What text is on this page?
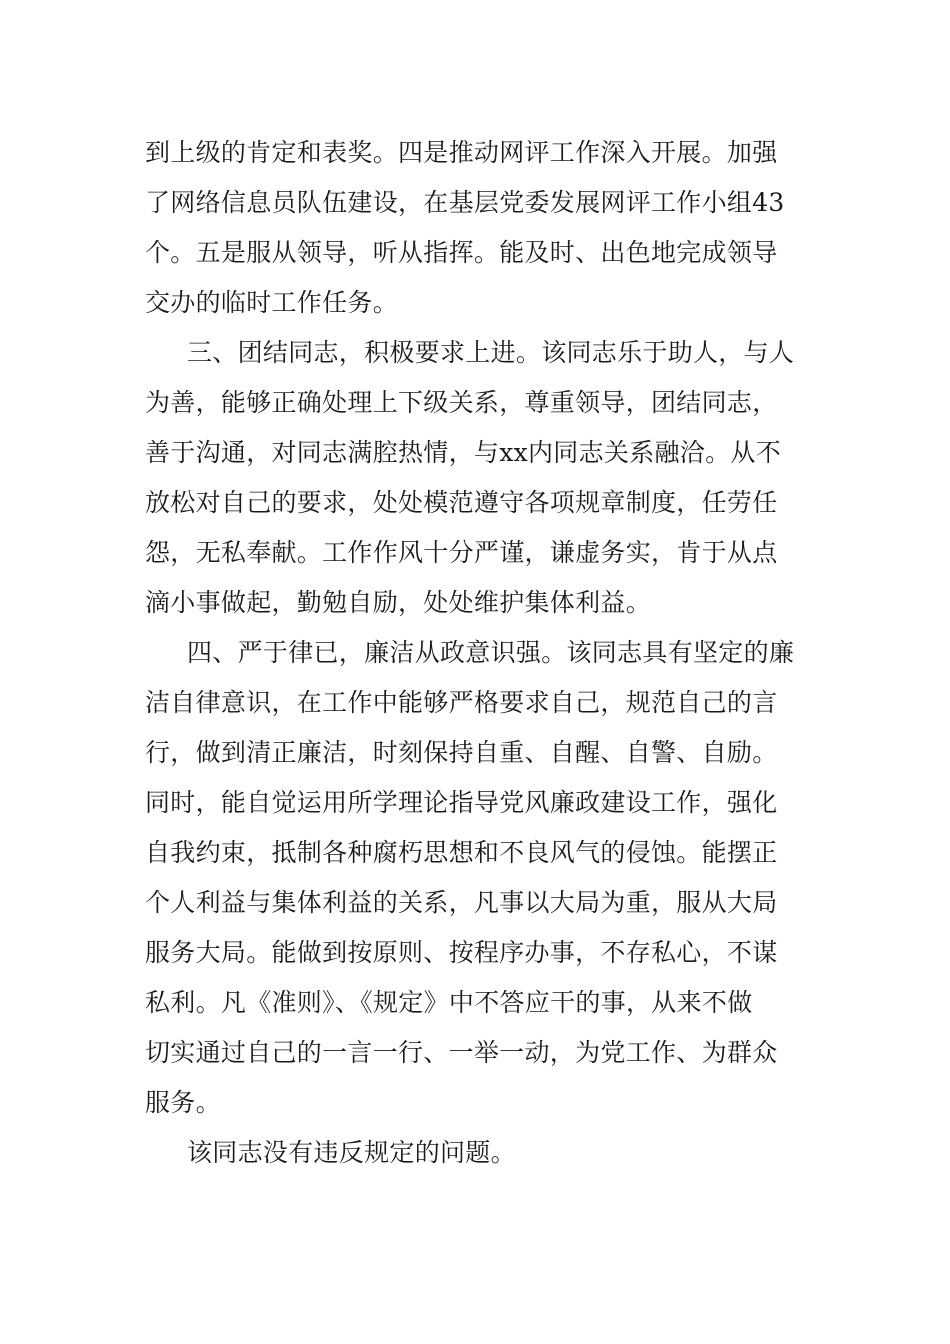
到上级的肯定和表奖。四是推动网评工作深入开展。加强
了网络信息员队伍建设，在基层党委发展网评工作小组43
个。五是服从领导，听从指挥。能及时、出色地完成领导
交办的临时工作任务。
三、团结同志，积极要求上进。该同志乐于助人，与人
为善，能够正确处理上下级关系，尊重领导，团结同志，
善于沟通，对同志满腔热情，与xx内同志关系融洽。从不
放松对自己的要求，处处模范遵守各项规章制度，任劳任
怨，无私奉献。工作作风十分严谨，谦虚务实，肯于从点
滴小事做起，勤勉自励，处处维护集体利益。
四、严于律已，廉洁从政意识强。该同志具有坚定的廉
洁自律意识，在工作中能够严格要求自己，规范自己的言
行，做到清正廉洁，时刻保持自重、自醒、自警、自励。
同时，能自觉运用所学理论指导党风廉政建设工作，强化
自我约束，抵制各种腐朽思想和不良风气的侵蚀。能摆正
个人利益与集体利益的关系，凡事以大局为重，服从大局
服务大局。能做到按原则、按程序办事，不存私心，不谋
私利。凡《准则》、《规定》中不答应干的事，从来不做
切实通过自己的一言一行、一举一动，为党工作、为群众
服务。
该同志没有违反规定的问题。
